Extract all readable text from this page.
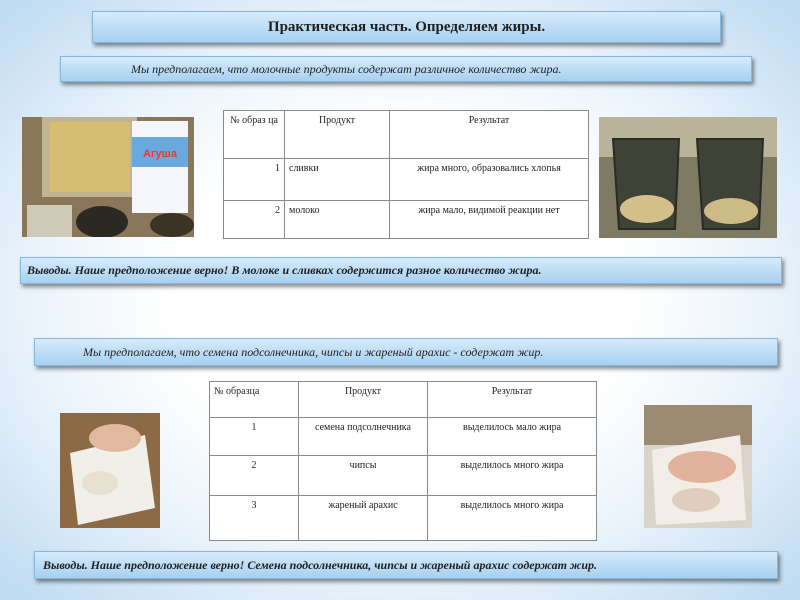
Практическая часть. Определяем жиры.
Мы предполагаем, что молочные продукты содержат различное количество жира.
Агуша
№ образ ца	Продукт	Результат
1	сливки	жира много, образовались хлопья
2	молоко	жира мало, видимой реакции нет
Выводы. Наше предположение верно! В молоке и сливках содержится разное количество жира.
Мы предполагаем, что семена подсолнечника, чипсы и жареный арахис - содержат жир.
№ образца	Продукт	Результат
1	семена подсолнечника	выделилось мало жира
2	чипсы	выделилось много жира
3	жареный арахис	выделилось много жира
Выводы. Наше предположение верно! Семена подсолнечника, чипсы и жареный арахис содержат жир.
